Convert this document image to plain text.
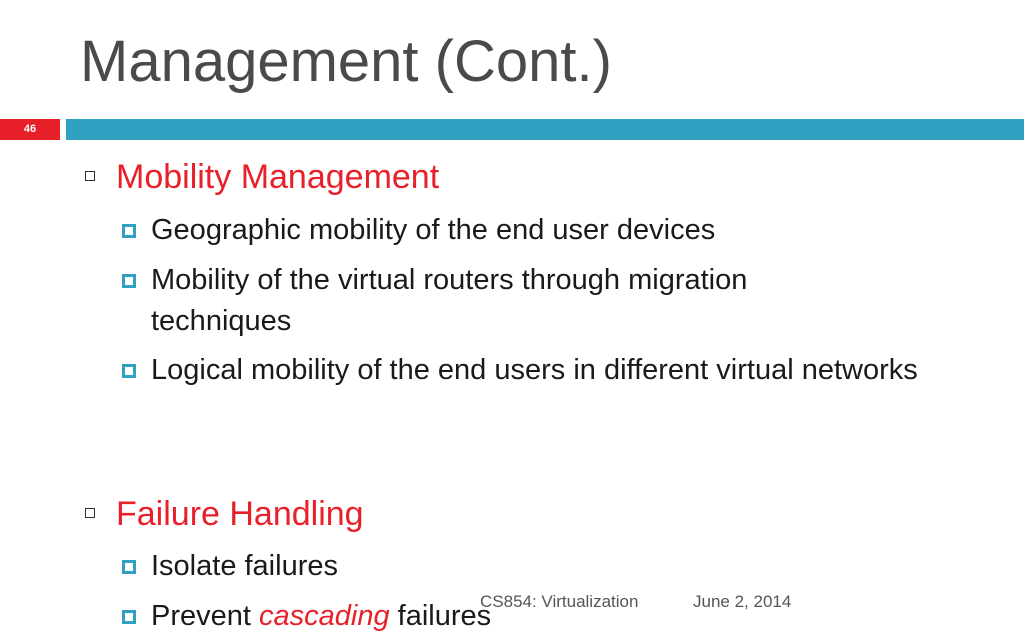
Management (Cont.)
46
Mobility Management
Geographic mobility of the end user devices
Mobility of the virtual routers through migration techniques
Logical mobility of the end users in different virtual networks
Failure Handling
Isolate failures
Prevent cascading failures
CS854: Virtualization	June 2, 2014
